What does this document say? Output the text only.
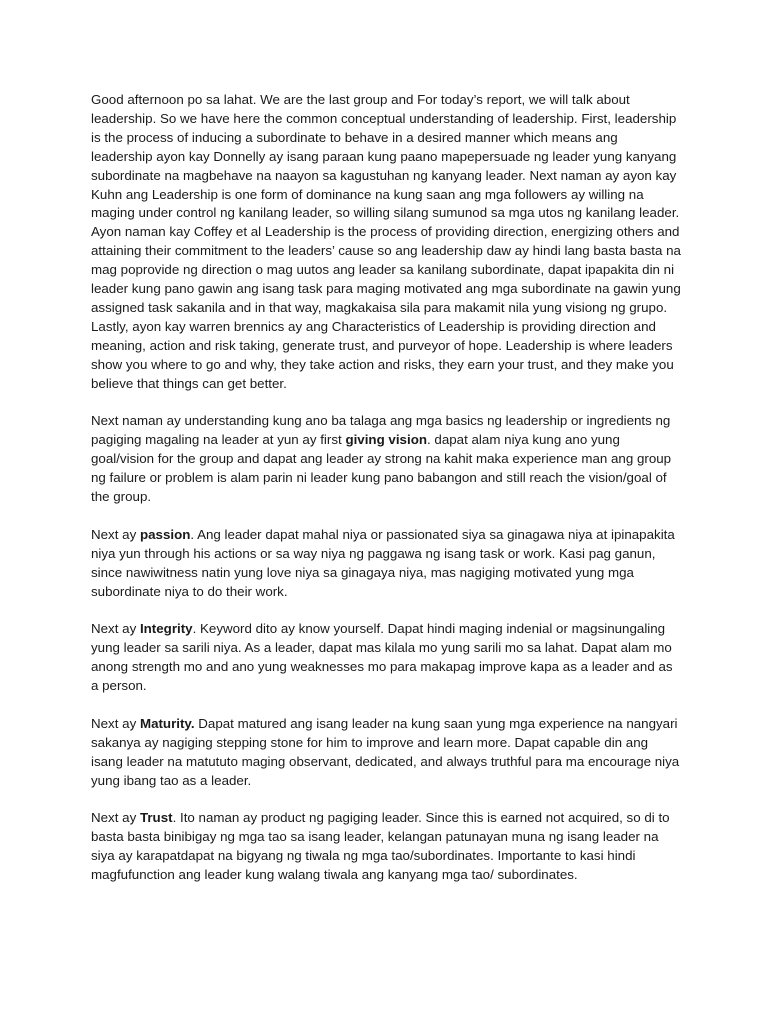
Good afternoon po sa lahat. We are the last group and For today’s report, we will talk about leadership. So we have here the common conceptual understanding of leadership. First, leadership is the process of inducing a subordinate to behave in a desired manner which means ang leadership ayon kay Donnelly ay isang paraan kung paano mapepersuade ng leader yung kanyang subordinate na magbehave na naayon sa kagustuhan ng kanyang leader. Next naman ay ayon kay Kuhn ang Leadership is one form of dominance na kung saan ang mga followers ay willing na maging under control ng kanilang leader, so willing silang sumunod sa mga utos ng kanilang leader. Ayon naman kay Coffey et al Leadership is the process of providing direction, energizing others and attaining their commitment to the leaders’ cause so ang leadership daw ay hindi lang basta basta na mag poprovide ng direction o mag uutos ang leader sa kanilang subordinate, dapat ipapakita din ni leader kung pano gawin ang isang task para maging motivated ang mga subordinate na gawin yung assigned task sakanila and in that way, magkakaisa sila para makamit nila yung visiong ng grupo. Lastly, ayon kay warren brennics ay ang Characteristics of Leadership is providing direction and meaning, action and risk taking, generate trust, and purveyor of hope. Leadership is where leaders show you where to go and why, they take action and risks, they earn your trust, and they make you believe that things can get better.

Next naman ay understanding kung ano ba talaga ang mga basics ng leadership or ingredients ng pagiging magaling na leader at yun ay first giving vision. dapat alam niya kung ano yung goal/vision for the group and dapat ang leader ay strong na kahit maka experience man ang group ng failure or problem is alam parin ni leader kung pano babangon and still reach the vision/goal of the group.

Next ay passion. Ang leader dapat mahal niya or passionated siya sa ginagawa niya at ipinapakita niya yun through his actions or sa way niya ng paggawa ng isang task or work. Kasi pag ganun, since nawiwitness natin yung love niya sa ginagaya niya, mas nagiging motivated yung mga subordinate niya to do their work.

Next ay Integrity. Keyword dito ay know yourself. Dapat hindi maging indenial or magsinungaling yung leader sa sarili niya. As a leader, dapat mas kilala mo yung sarili mo sa lahat. Dapat alam mo anong strength mo and ano yung weaknesses mo para makapag improve kapa as a leader and as a person.

Next ay Maturity. Dapat matured ang isang leader na kung saan yung mga experience na nangyari sakanya ay nagiging stepping stone for him to improve and learn more. Dapat capable din ang isang leader na matututo maging observant, dedicated, and always truthful para ma encourage niya yung ibang tao as a leader.

Next ay Trust. Ito naman ay product ng pagiging leader. Since this is earned not acquired, so di to basta basta binibigay ng mga tao sa isang leader, kelangan patunayan muna ng isang leader na siya ay karapatdapat na bigyang ng tiwala ng mga tao/subordinates. Importante to kasi hindi magfufunction ang leader kung walang tiwala ang kanyang mga tao/ subordinates.
